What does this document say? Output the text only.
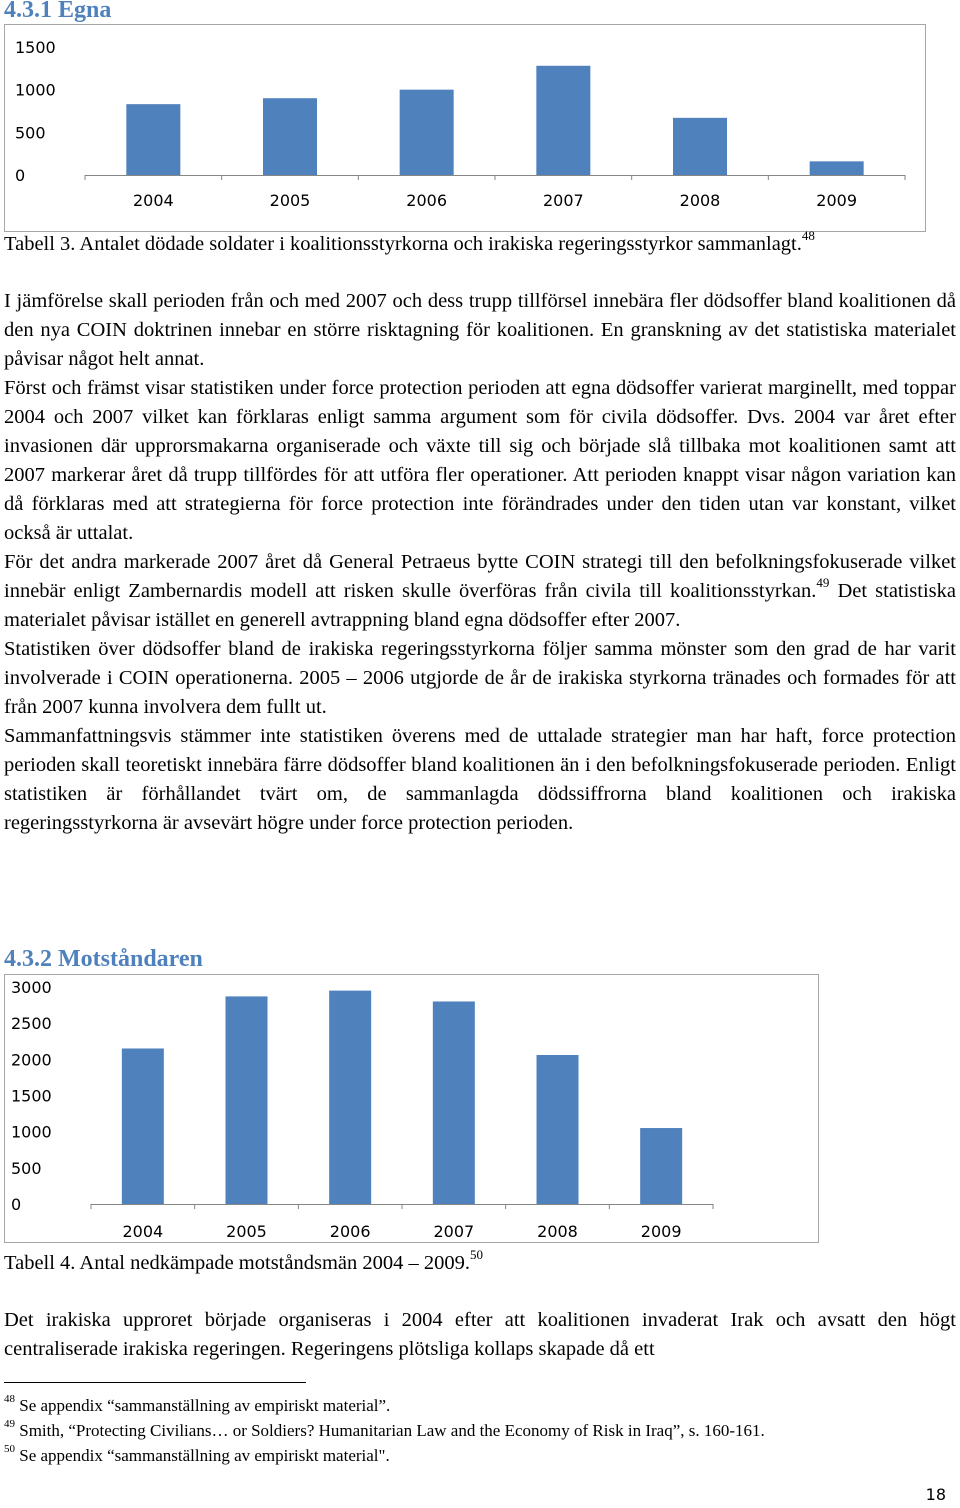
4.3.1 Egna
0
500
1000
1500
2004	2005	2006	2007	2008	2009

Tabell 3. Antalet dödade soldater i koalitionsstyrkorna och irakiska regeringsstyrkor sammanlagt.$^{48}$

I jämförelse skall perioden från och med 2007 och dess trupp tillförsel innebära fler dödsoffer bland koalitionen då den nya COIN doktrinen innebar en större risktagning för koalitionen. En granskning av det statistiska materialet påvisar något helt annat.

Först och främst visar statistiken under force protection perioden att egna dödsoffer varierat marginellt, med toppar 2004 och 2007 vilket kan förklaras enligt samma argument som för civila dödsoffer. Dvs. 2004 var året efter invasionen där upprorsmakarna organiserade och växte till sig och började slå tillbaka mot koalitionen samt att 2007 markerar året då trupp tillfördes för att utföra fler operationer. Att perioden knappt visar någon variation kan då förklaras med att strategierna för force protection inte förändrades under den tiden utan var konstant, vilket också är uttalat.

För det andra markerade 2007 året då General Petraeus bytte COIN strategi till den befolkningsfokuserade vilket innebär enligt Zambernardis modell att risken skulle överföras från civila till koalitionsstyrkan.$^{49}$ Det statistiska materialet påvisar istället en generell avtrappning bland egna dödsoffer efter 2007.

Statistiken över dödsoffer bland de irakiska regeringsstyrkorna följer samma mönster som den grad de har varit involverade i COIN operationerna. 2005 – 2006 utgjorde de år de irakiska styrkorna tränades och formades för att från 2007 kunna involvera dem fullt ut.

Sammanfattningsvis stämmer inte statistiken överens med de uttalade strategier man har haft, force protection perioden skall teoretiskt innebära färre dödsoffer bland koalitionen än i den befolkningsfokuserade perioden. Enligt statistiken är förhållandet tvärt om, de sammanlagda dödssiffrorna bland koalitionen och irakiska regeringsstyrkorna är avsevärt högre under force protection perioden.

4.3.2 Motståndaren
0
500
1000
1500
2000
2500
3000
2004	2005	2006	2007	2008	2009

Tabell 4. Antal nedkämpade motståndsmän 2004 – 2009.50

Det irakiska upproret började organiseras i 2004 efter att koalitionen invaderat Irak och avsatt den högt centraliserade irakiska regeringen. Regeringens plötsliga kollaps skapade då ett

$^{48}$ Se appendix “sammanställning av empiriskt material”.

$^{49}$ Smith, “Protecting Civilians… or Soldiers? Humanitarian Law and the Economy of Risk in Iraq”, s. 160-161.

$^{50}$ Se appendix “sammanställning av empiriskt material".

18
